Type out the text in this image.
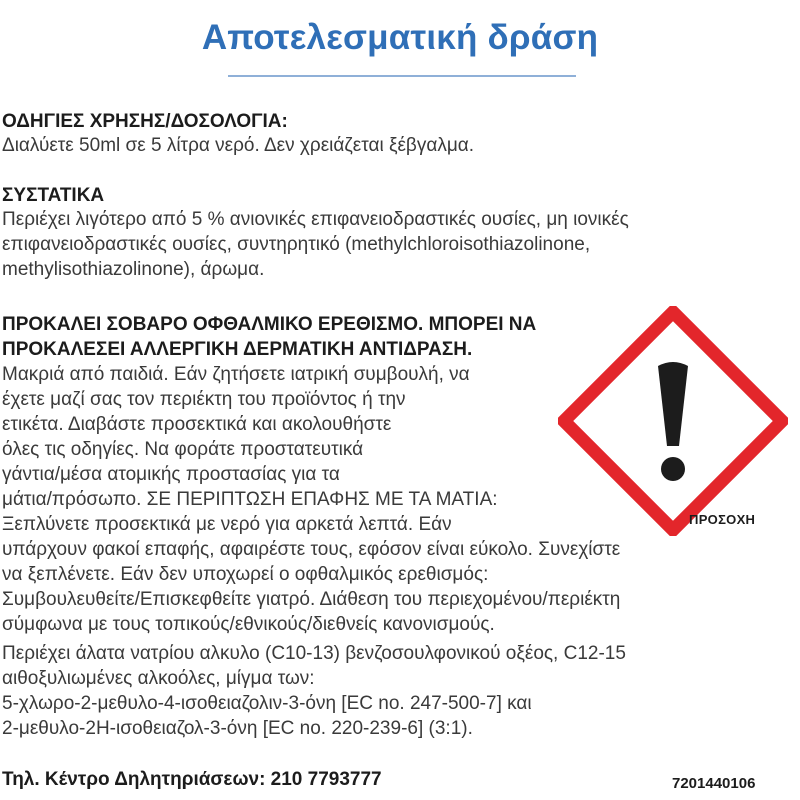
Αποτελεσματική δράση
ΟΔΗΓΙΕΣ ΧΡΗΣΗΣ/ΔΟΣΟΛΟΓΙΑ:
Διαλύετε 50ml σε 5 λίτρα νερό. Δεν χρειάζεται ξέβγαλμα.
ΣΥΣΤΑΤΙΚΑ
Περιέχει λιγότερο από 5 % ανιονικές επιφανειοδραστικές ουσίες, μη ιονικές
επιφανειοδραστικές ουσίες, συντηρητικό (methylchloroisothiazolinone,
methylisothiazolinone), άρωμα.
ΠΡΟΚΑΛΕΙ ΣΟΒΑΡΟ ΟΦΘΑΛΜΙΚΟ ΕΡΕΘΙΣΜΟ. ΜΠΟΡΕΙ ΝΑ
ΠΡΟΚΑΛΕΣΕΙ ΑΛΛΕΡΓΙΚΗ ΔΕΡΜΑΤΙΚΗ ΑΝΤΙΔΡΑΣΗ.
Μακριά από παιδιά. Εάν ζητήσετε ιατρική συμβουλή, να
έχετε μαζί σας τον περιέκτη του προϊόντος ή την
ετικέτα. Διαβάστε προσεκτικά και ακολουθήστε
όλες τις οδηγίες. Να φοράτε προστατευτικά
γάντια/μέσα ατομικής προστασίας για τα
μάτια/πρόσωπο. ΣΕ ΠΕΡΙΠΤΩΣΗ ΕΠΑΦΗΣ ΜΕ ΤΑ ΜΑΤΙΑ:
Ξεπλύνετε προσεκτικά με νερό για αρκετά λεπτά. Εάν
υπάρχουν φακοί επαφής, αφαιρέστε τους, εφόσον είναι εύκολο. Συνεχίστε
να ξεπλένετε. Εάν δεν υποχωρεί ο οφθαλμικός ερεθισμός:
Συμβουλευθείτε/Επισκεφθείτε γιατρό. Διάθεση του περιεχομένου/περιέκτη
σύμφωνα με τους τοπικούς/εθνικούς/διεθνείς κανονισμούς.
Περιέχει άλατα νατρίου αλκυλο (C10-13) βενζοσουλφονικού οξέος, C12-15
αιθοξυλιωμένες αλκοόλες, μίγμα των:
5-χλωρο-2-μεθυλο-4-ισοθειαζολιν-3-όνη [EC no. 247-500-7] και
2-μεθυλο-2Η-ισοθειαζολ-3-όνη [EC no. 220-239-6] (3:1).
ΠΡΟΣΟΧΗ
Τηλ. Κέντρο Δηλητηριάσεων: 210 7793777	7201440106
